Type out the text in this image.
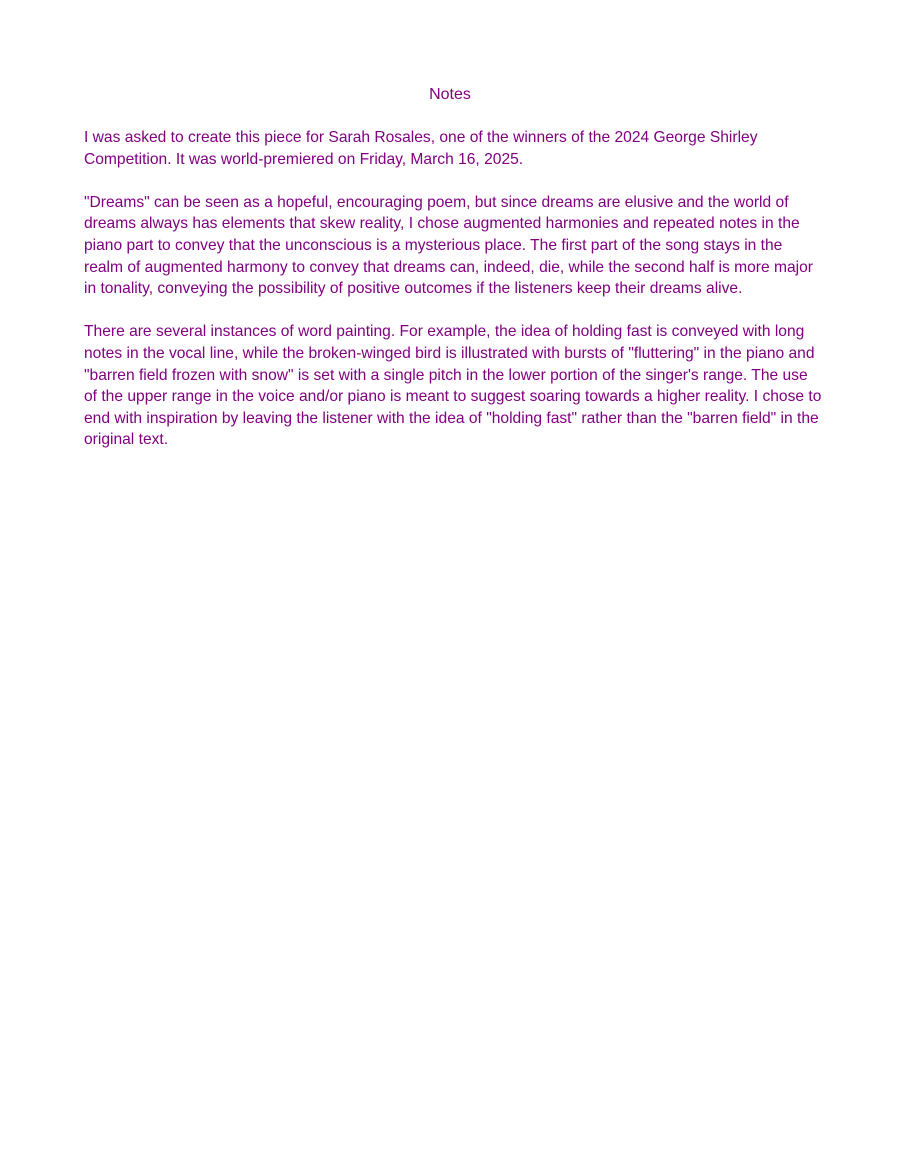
Notes

I was asked to create this piece for Sarah Rosales, one of the winners of the 2024 George Shirley Competition. It was world-premiered on Friday, March 16, 2025.

"Dreams" can be seen as a hopeful, encouraging poem, but since dreams are elusive and the world of dreams always has elements that skew reality, I chose augmented harmonies and repeated notes in the piano part to convey that the unconscious is a mysterious place. The first part of the song stays in the realm of augmented harmony to convey that dreams can, indeed, die, while the second half is more major in tonality, conveying the possibility of positive outcomes if the listeners keep their dreams alive.

There are several instances of word painting. For example, the idea of holding fast is conveyed with long notes in the vocal line, while the broken-winged bird is illustrated with bursts of "fluttering" in the piano and "barren field frozen with snow" is set with a single pitch in the lower portion of the singer's range. The use of the upper range in the voice and/or piano is meant to suggest soaring towards a higher reality. I chose to end with inspiration by leaving the listener with the idea of "holding fast" rather than the "barren field" in the original text.
